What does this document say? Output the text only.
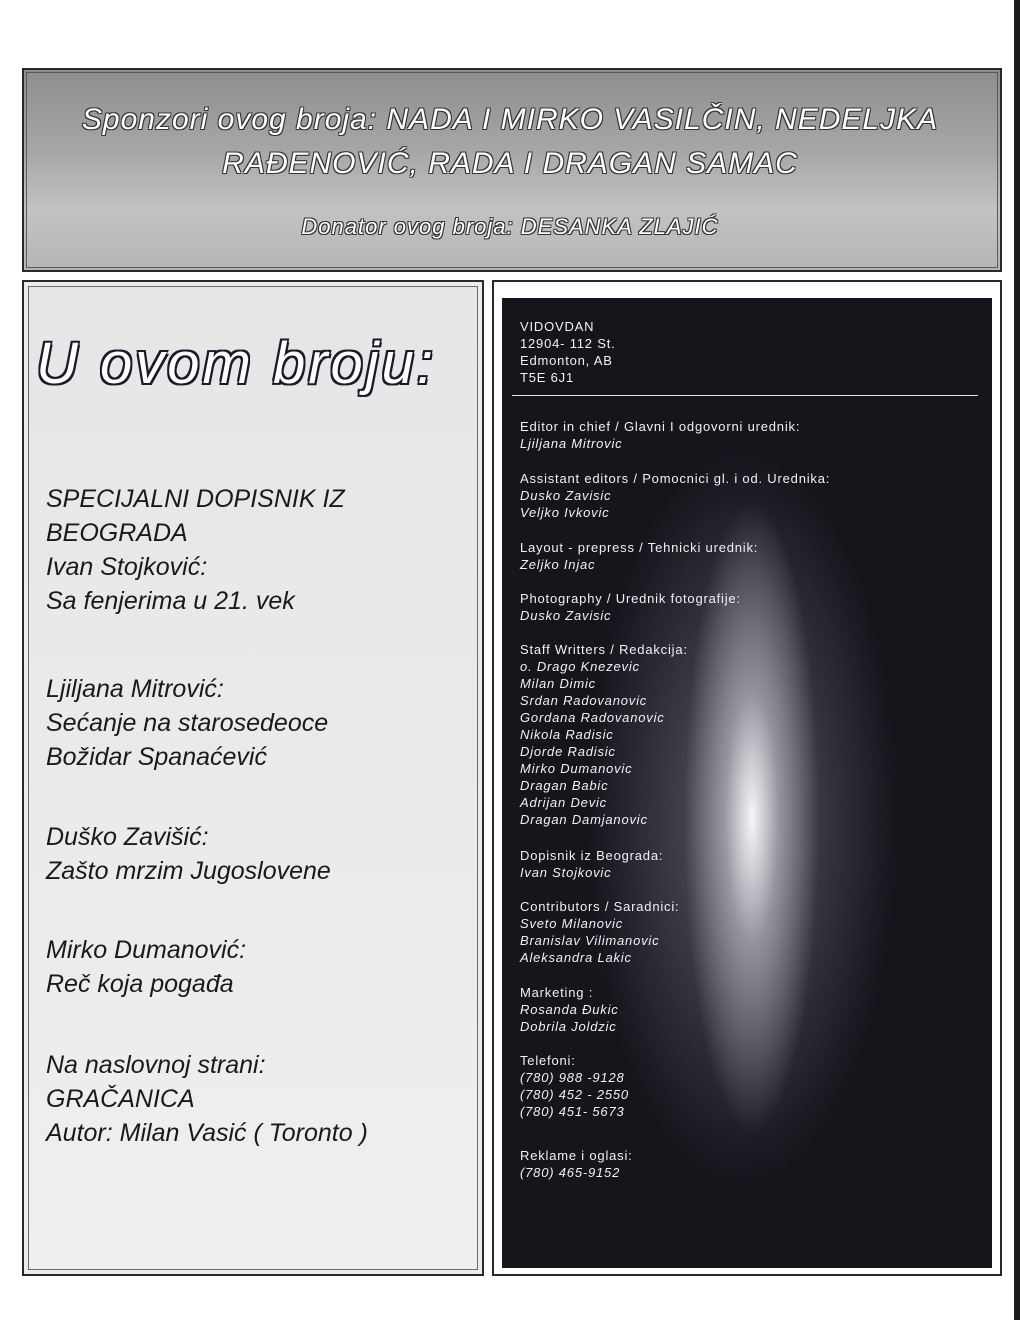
Sponzori ovog broja: NADA I MIRKO VASILČIN, NEDELJKA
RAĐENOVIĆ, RADA I DRAGAN SAMAC
Donator ovog broja: DESANKA ZLAJIĆ
U ovom broju:
SPECIJALNI DOPISNIK IZ
BEOGRADA
Ivan Stojković:
Sa fenjerima u 21. vek
Ljiljana Mitrović:
Sećanje na starosedeoce
Božidar Spanaćević
Duško Zavišić:
Zašto mrzim Jugoslovene
Mirko Dumanović:
Reč koja pogađa
Na naslovnoj strani:
GRAČANICA
Autor: Milan Vasić ( Toronto )
VIDOVDAN
12904- 112 St.
Edmonton, AB
T5E 6J1
Editor in chief / Glavni I odgovorni urednik:
Ljiljana Mitrovic
Assistant editors / Pomocnici gl. i od. Urednika:
Dusko Zavisic
Veljko Ivkovic
Layout - prepress / Tehnicki urednik:
Zeljko Injac
Photography / Urednik fotografije:
Dusko Zavisic
Staff Writters / Redakcija:
o. Drago Knezevic
Milan Dimic
Srdan Radovanovic
Gordana Radovanovic
Nikola Radisic
Djorde Radisic
Mirko Dumanovic
Dragan Babic
Adrijan Devic
Dragan Damjanovic
Dopisnik iz Beograda:
Ivan Stojkovic
Contributors / Saradnici:
Sveto Milanovic
Branislav Vilimanovic
Aleksandra Lakic
Marketing :
Rosanda Đukic
Dobrila Joldzic
Telefoni:
(780) 988 -9128
(780) 452 - 2550
(780) 451- 5673
Reklame i oglasi:
(780) 465-9152
